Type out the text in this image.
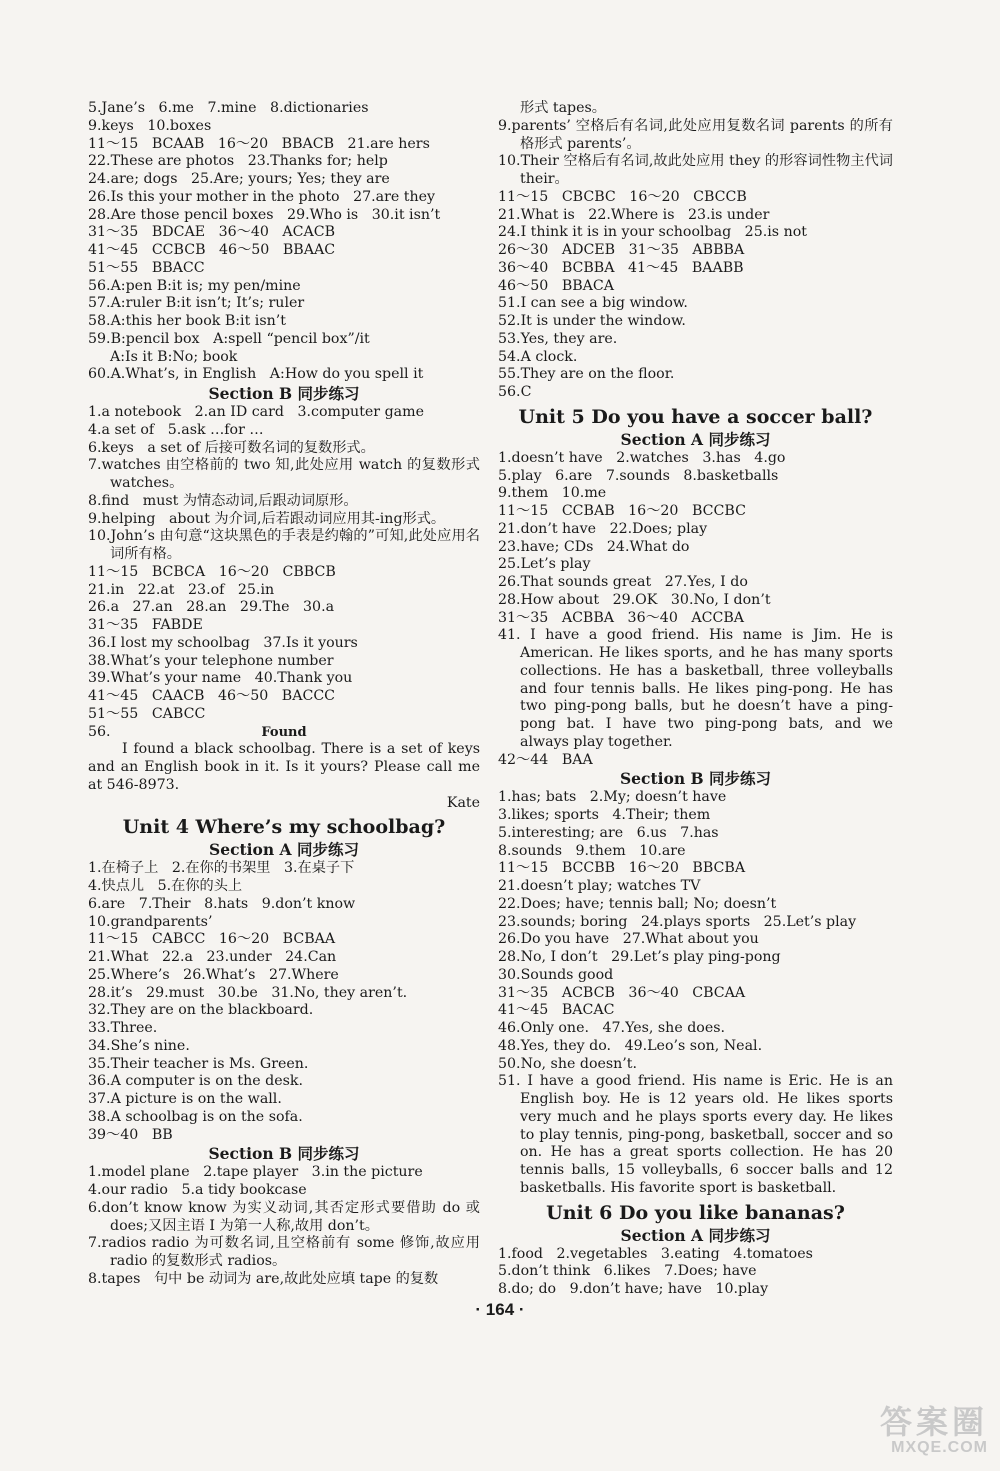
5.Jane’s   6.me   7.mine   8.dictionaries
9.keys   10.boxes
11～15   BCAAB   16～20   BBACB   21.are hers
22.These are photos   23.Thanks for; help
24.are; dogs   25.Are; yours; Yes; they are
26.Is this your mother in the photo   27.are they
28.Are those pencil boxes   29.Who is   30.it isn’t
31～35   BDCAE   36～40   ACACB
41～45   CCBCB   46～50   BBAAC
51～55   BBACC
56.A:pen B:it is; my pen/mine
57.A:ruler B:it isn’t; It’s; ruler
58.A:this her book B:it isn’t
59.B:pencil box   A:spell “pencil box”/it
A:Is it B:No; book
60.A.What’s, in English   A:How do you spell it
Section B 同步练习
1.a notebook   2.an ID card   3.computer game
4.a set of   5.ask …for …
6.keys   a set of 后接可数名词的复数形式。
7.watches 由空格前的 two 知,此处应用 watch 的复数形式 watches。
8.find   must 为情态动词,后跟动词原形。
9.helping   about 为介词,后若跟动词应用其-ing形式。
10.John’s 由句意“这块黑色的手表是约翰的”可知,此处应用名词所有格。
11～15   BCBCA   16～20   CBBCB
21.in   22.at   23.of   25.in
26.a   27.an   28.an   29.The   30.a
31～35   FABDE
36.I lost my schoolbag   37.Is it yours
38.What’s your telephone number
39.What’s your name   40.Thank you
41～45   CAACB   46～50   BACCC
51～55   CABCC
56.	Found
I found a black schoolbag. There is a set of keys and an English book in it. Is it yours? Please call me at 546-8973.
Kate
Unit 4 Where’s my schoolbag?
Section A 同步练习
1.在椅子上   2.在你的书架里   3.在桌子下
4.快点儿   5.在你的头上
6.are   7.Their   8.hats   9.don’t know
10.grandparents’
11～15   CABCC   16～20   BCBAA
21.What   22.a   23.under   24.Can
25.Where’s   26.What’s   27.Where
28.it’s   29.must   30.be   31.No, they aren’t.
32.They are on the blackboard.
33.Three.
34.She’s nine.
35.Their teacher is Ms. Green.
36.A computer is on the desk.
37.A picture is on the wall.
38.A schoolbag is on the sofa.
39～40   BB
Section B 同步练习
1.model plane   2.tape player   3.in the picture
4.our radio   5.a tidy bookcase
6.don’t know know 为实义动词,其否定形式要借助 do 或 does;又因主语 I 为第一人称,故用 don’t。
7.radios radio 为可数名词,且空格前有 some 修饰,故应用 radio 的复数形式 radios。
8.tapes   句中 be 动词为 are,故此处应填 tape 的复数
形式 tapes。
9.parents’ 空格后有名词,此处应用复数名词 parents 的所有格形式 parents’。
10.Their 空格后有名词,故此处应用 they 的形容词性物主代词 their。
11～15   CBCBC   16～20   CBCCB
21.What is   22.Where is   23.is under
24.I think it is in your schoolbag   25.is not
26～30   ADCEB   31～35   ABBBA
36～40   BCBBA   41～45   BAABB
46～50   BBACA
51.I can see a big window.
52.It is under the window.
53.Yes, they are.
54.A clock.
55.They are on the floor.
56.C
Unit 5 Do you have a soccer ball?
Section A 同步练习
1.doesn’t have   2.watches   3.has   4.go
5.play   6.are   7.sounds   8.basketballs
9.them   10.me
11～15   CCBAB   16～20   BCCBC
21.don’t have   22.Does; play
23.have; CDs   24.What do
25.Let’s play
26.That sounds great   27.Yes, I do
28.How about   29.OK   30.No, I don’t
31～35   ACBBA   36～40   ACCBA
41. I have a good friend. His name is Jim. He is American. He likes sports, and he has many sports collections. He has a basketball, three volleyballs and four tennis balls. He likes ping-pong. He has two ping-pong balls, but he doesn’t have a ping-pong bat. I have two ping-pong bats, and we always play together.
42～44   BAA
Section B 同步练习
1.has; bats   2.My; doesn’t have
3.likes; sports   4.Their; them
5.interesting; are   6.us   7.has
8.sounds   9.them   10.are
11～15   BCCBB   16～20   BBCBA
21.doesn’t play; watches TV
22.Does; have; tennis ball; No; doesn’t
23.sounds; boring   24.plays sports   25.Let’s play
26.Do you have   27.What about you
28.No, I don’t   29.Let’s play ping-pong
30.Sounds good
31～35   ACBCB   36～40   CBCAA
41～45   BACAC
46.Only one.   47.Yes, she does.
48.Yes, they do.   49.Leo’s son, Neal.
50.No, she doesn’t.
51. I have a good friend. His name is Eric. He is an English boy. He is 12 years old. He likes sports very much and he plays sports every day. He likes to play tennis, ping-pong, basketball, soccer and so on. He has a great sports collection. He has 20 tennis balls, 15 volleyballs, 6 soccer balls and 12 basketballs. His favorite sport is basketball.
Unit 6 Do you like bananas?
Section A 同步练习
1.food   2.vegetables   3.eating   4.tomatoes
5.don’t think   6.likes   7.Does; have
8.do; do   9.don’t have; have   10.play
· 164 ·
答案圈
MXQE.COM
